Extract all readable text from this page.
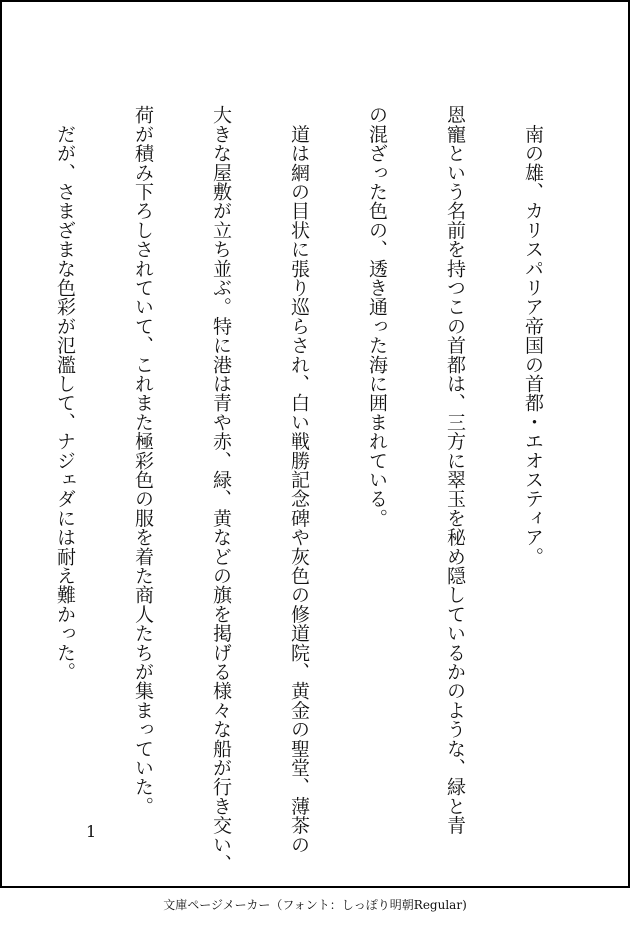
　南の雄、カリスパリア帝国の首都・エオスティア。

恩寵という名前を持つこの首都は、三方に翠玉を秘め隠しているかのような、緑と青

の混ざった色の、透き通った海に囲まれている。

　道は網の目状に張り巡らされ、白い戦勝記念碑や灰色の修道院、黄金の聖堂、薄茶の

大きな屋敷が立ち並ぶ。特に港は青や赤、緑、黄などの旗を掲げる様々な船が行き交い、

荷が積み下ろしされていて、これまた極彩色の服を着た商人たちが集まっていた。

　だが、さまざまな色彩が氾濫して、ナジェダには耐え難かった。

1
文庫ページメーカー（フォント：しっぽり明朝Regular)
